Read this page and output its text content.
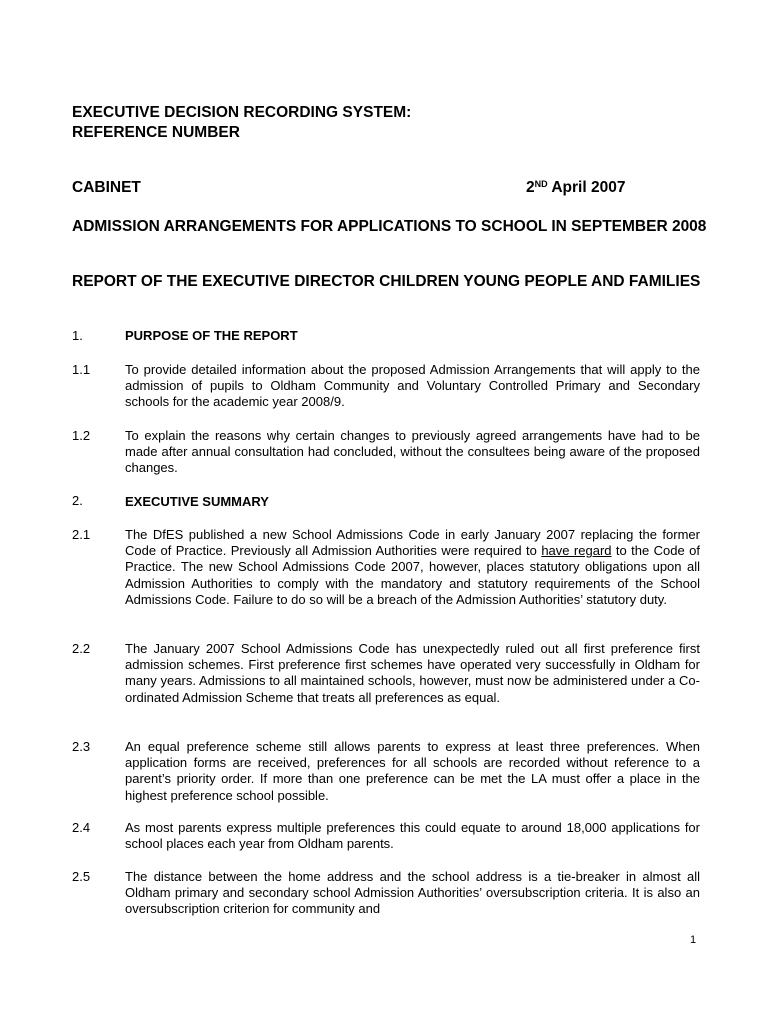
EXECUTIVE DECISION RECORDING SYSTEM:
REFERENCE NUMBER
CABINET	2ND April 2007
ADMISSION ARRANGEMENTS FOR APPLICATIONS TO SCHOOL IN SEPTEMBER 2008
REPORT OF THE EXECUTIVE DIRECTOR CHILDREN YOUNG PEOPLE AND FAMILIES
1.	PURPOSE OF THE REPORT
1.1	To provide detailed information about the proposed Admission Arrangements that will apply to the admission of pupils to Oldham Community and Voluntary Controlled Primary and Secondary schools for the academic year 2008/9.
1.2	To explain the reasons why certain changes to previously agreed arrangements have had to be made after annual consultation had concluded, without the consultees being aware of the proposed changes.
2.	EXECUTIVE SUMMARY
2.1	The DfES published a new School Admissions Code in early January 2007 replacing the former Code of Practice. Previously all Admission Authorities were required to have regard to the Code of Practice. The new School Admissions Code 2007, however, places statutory obligations upon all Admission Authorities to comply with the mandatory and statutory requirements of the School Admissions Code. Failure to do so will be a breach of the Admission Authorities’ statutory duty.
2.2	The January 2007 School Admissions Code has unexpectedly ruled out all first preference first admission schemes. First preference first schemes have operated very successfully in Oldham for many years. Admissions to all maintained schools, however, must now be administered under a Co-ordinated Admission Scheme that treats all preferences as equal.
2.3	An equal preference scheme still allows parents to express at least three preferences. When application forms are received, preferences for all schools are recorded without reference to a parent’s priority order. If more than one preference can be met the LA must offer a place in the highest preference school possible.
2.4	As most parents express multiple preferences this could equate to around 18,000 applications for school places each year from Oldham parents.
2.5	The distance between the home address and the school address is a tie-breaker in almost all Oldham primary and secondary school Admission Authorities’ oversubscription criteria. It is also an oversubscription criterion for community and
1
